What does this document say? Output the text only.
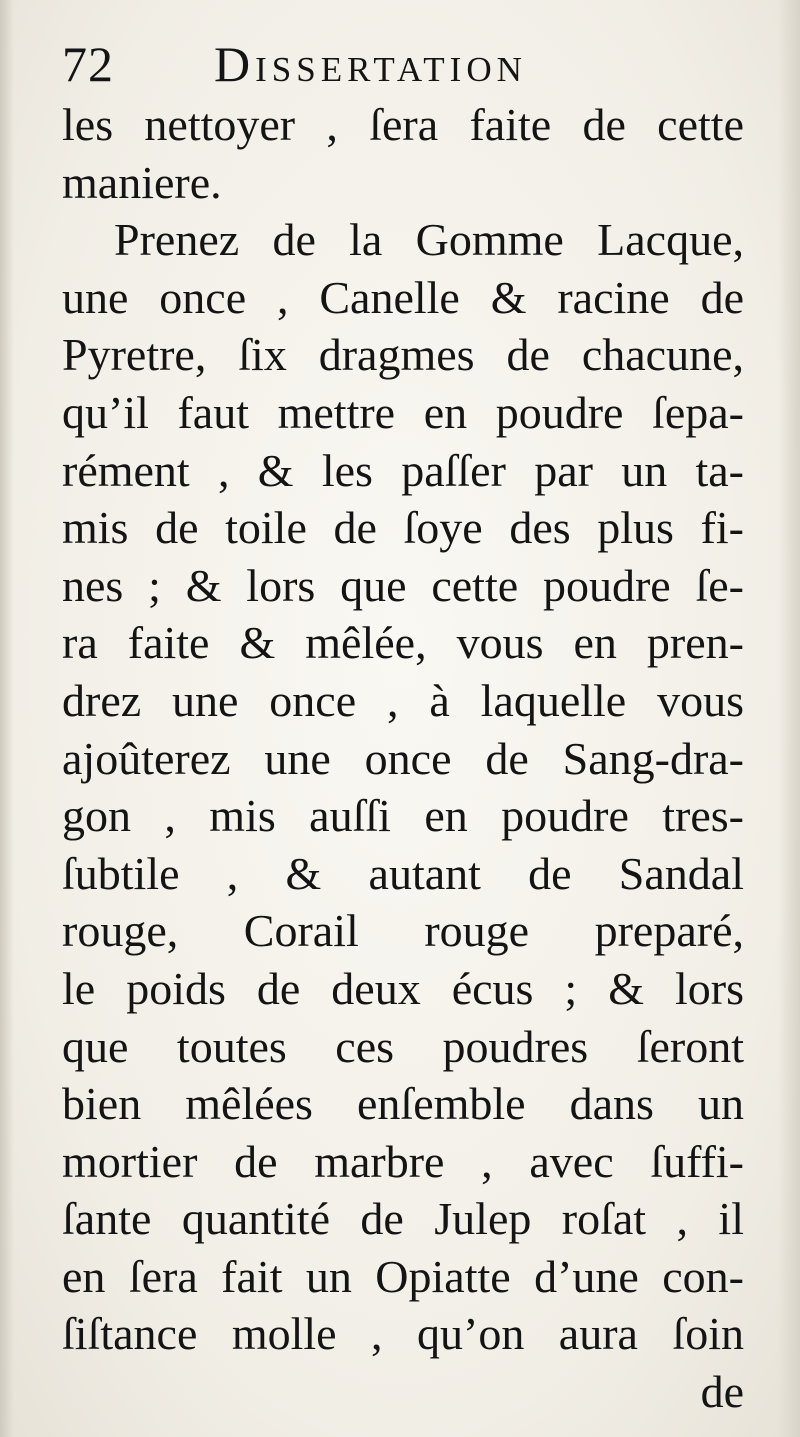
72 Dissertation
les nettoyer , ſera faite de cette
maniere.
Prenez de la Gomme Lacque,
une once , Canelle & racine de
Pyretre, ſix dragmes de chacune,
qu’il faut mettre en poudre ſepa-
rément , & les paſſer par un ta-
mis de toile de ſoye des plus fi-
nes ; & lors que cette poudre ſe-
ra faite & mêlée, vous en pren-
drez une once , à laquelle vous
ajoûterez une once de Sang-dra-
gon , mis auſſi en poudre tres-
ſubtile , & autant de Sandal
rouge, Corail rouge preparé,
le poids de deux écus ; & lors
que toutes ces poudres ſeront
bien mêlées enſemble dans un
mortier de marbre , avec ſuffi-
ſante quantité de Julep roſat , il
en ſera fait un Opiatte d’une con-
ſiſtance molle , qu’on aura ſoin
de
